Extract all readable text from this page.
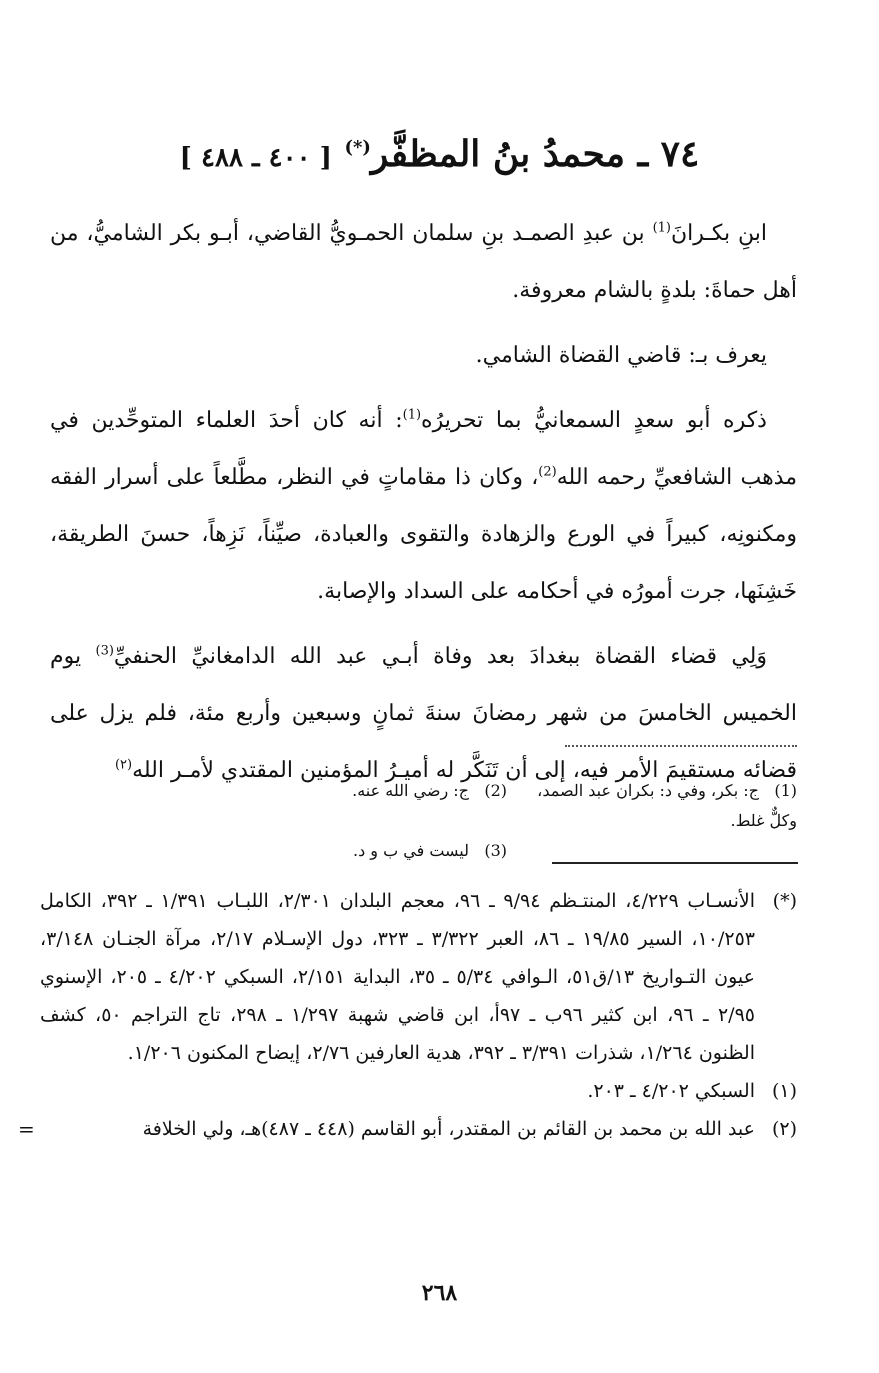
٧٤ ـ محمدُ بنُ المظفَّر(*) [ ٤٠٠ ـ ٤٨٨ ]

ابنِ بكـرانَ$^{(1)}$ بن عبدِ الصمـد بنِ سلمان الحمـويُّ القاضي، أبـو بكر الشاميُّ، من أهل حماةَ: بلدةٍ بالشام معروفة.

يعرف بـ: قاضي القضاة الشامي.

ذكره أبو سعدٍ السمعانيُّ بما تحريرُه$^{(1)}$: أنه كان أحدَ العلماء المتوحِّدين في مذهب الشافعيِّ رحمه الله$^{(2)}$، وكان ذا مقاماتٍ في النظر، مطَّلعاً على أسرار الفقه ومكنونِه، كبيراً في الورع والزهادة والتقوى والعبادة، صيِّناً، نَزِهاً، حسنَ الطريقة، خَشِنَها، جرت أمورُه في أحكامه على السداد والإصابة.

وَلِي قضاء القضاة ببغدادَ بعد وفاة أبـي عبد الله الدامغانيِّ الحنفيِّ$^{(3)}$ يوم الخميس الخامسَ من شهر رمضانَ سنةَ ثمانٍ وسبعين وأربع مئة، فلم يزل على قضائه مستقيمَ الأمر فيه، إلى أن تَنَكَّر له أميـرُ المؤمنين المقتدي لأمـر الله$^{(٢)}$

(1)ج: بكر، وفي د: بكران عبد الصمد، وكلٌّ غلط.
(2)ج: رضي الله عنه.
(3)ليست في ب و د.
(*)
الأنسـاب ٤/٢٢٩، المنتـظم ٩/٩٤ ـ ٩٦، معجم البلدان ٢/٣٠١، اللبـاب ١/٣٩١ ـ ٣٩٢، الكامل ١٠/٢٥٣، السير ١٩/٨٥ ـ ٨٦، العبر ٣/٣٢٢ ـ ٣٢٣، دول الإسـلام ٢/١٧، مرآة الجنـان ٣/١٤٨، عيون التـواريخ ١٣/ق٥١، الـوافي ٥/٣٤ ـ ٣٥، البداية ٢/١٥١، السبكي ٤/٢٠٢ ـ ٢٠٥، الإسنوي ٢/٩٥ ـ ٩٦، ابن كثير ٩٦ب ـ ٩٧أ، ابن قاضي شهبة ١/٢٩٧ ـ ٢٩٨، تاج التراجم ٥٠، كشف الظنون ١/٢٦٤، شذرات ٣/٣٩١ ـ ٣٩٢، هدية العارفين ٢/٧٦، إيضاح المكنون ١/٢٠٦.
(١)
السبكي ٤/٢٠٢ ـ ٢٠٣.
(٢)
عبد الله بن محمد بن القائم بن المقتدر، أبو القاسم (٤٤٨ ـ ٤٨٧)هـ، ولي الخلافة
=
٢٦٨
